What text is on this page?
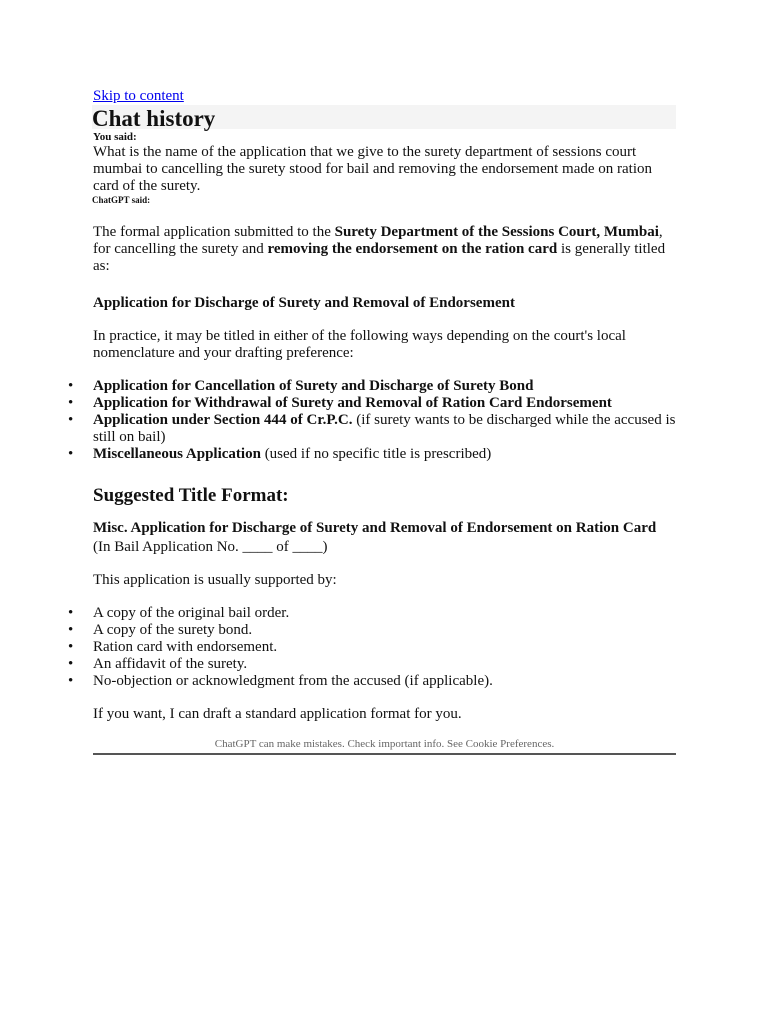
Skip to content
Chat history
You said:

What is the name of the application that we give to the surety department of sessions court mumbai to cancelling the surety stood for bail and removing the endorsement made on ration card of the surety.

ChatGPT said:

The formal application submitted to the Surety Department of the Sessions Court, Mumbai, for cancelling the surety and removing the endorsement on the ration card is generally titled as:

Application for Discharge of Surety and Removal of Endorsement

In practice, it may be titled in either of the following ways depending on the court's local nomenclature and your drafting preference:

• Application for Cancellation of Surety and Discharge of Surety Bond
• Application for Withdrawal of Surety and Removal of Ration Card Endorsement
• Application under Section 444 of Cr.P.C. (if surety wants to be discharged while the accused is still on bail)
• Miscellaneous Application (used if no specific title is prescribed)
Suggested Title Format:
Misc. Application for Discharge of Surety and Removal of Endorsement on Ration Card

(In Bail Application No. ____ of ____)

This application is usually supported by:

• A copy of the original bail order.
• A copy of the surety bond.
• Ration card with endorsement.
• An affidavit of the surety.
• No-objection or acknowledgment from the accused (if applicable).

If you want, I can draft a standard application format for you.

ChatGPT can make mistakes. Check important info. See Cookie Preferences.
